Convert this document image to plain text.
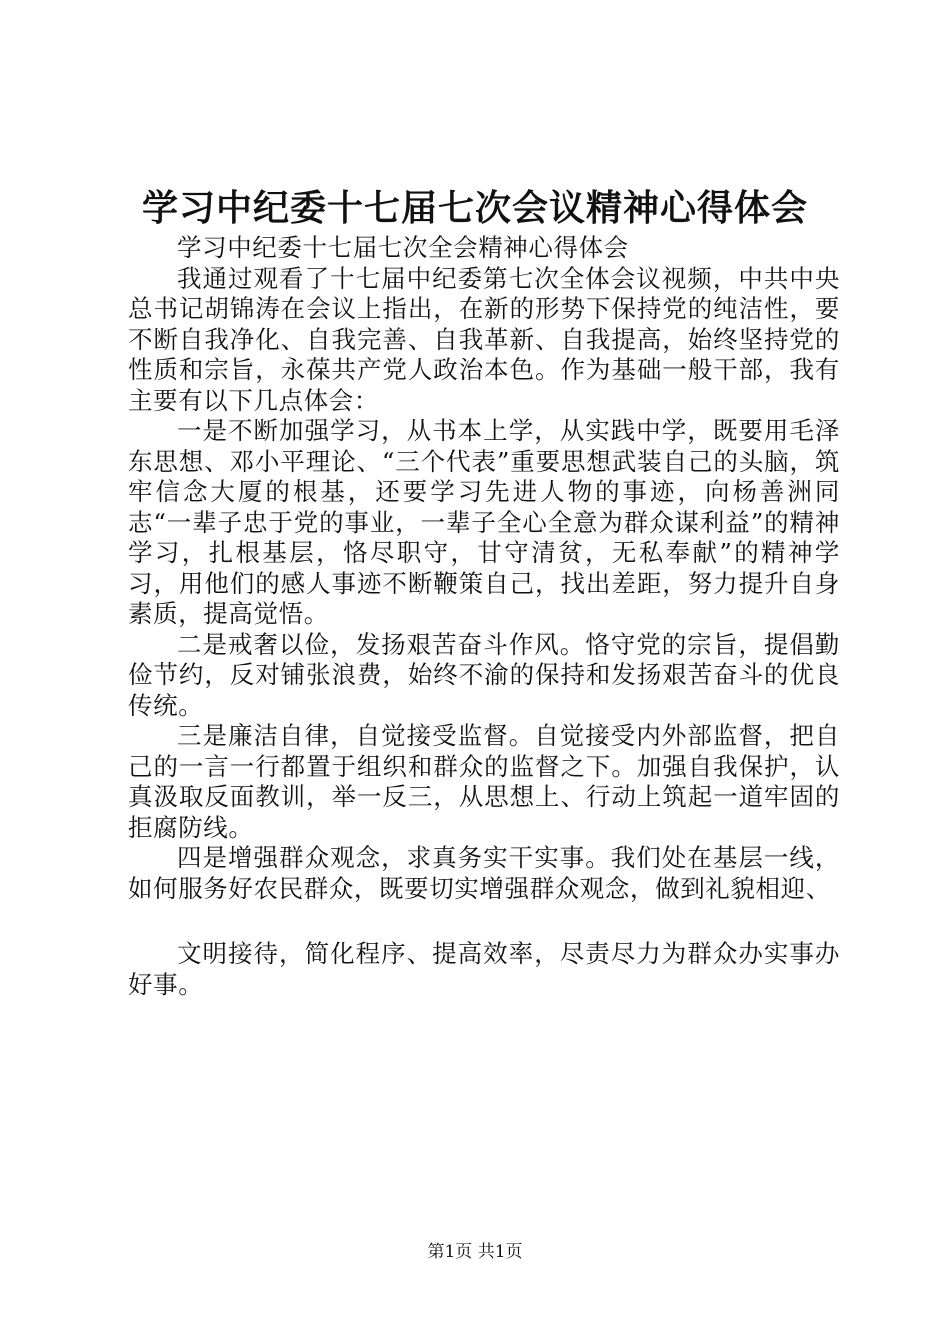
学习中纪委十七届七次会议精神心得体会

学习中纪委十七届七次全会精神心得体会

我通过观看了十七届中纪委第七次全体会议视频，中共中央总书记胡锦涛在会议上指出，在新的形势下保持党的纯洁性，要不断自我净化、自我完善、自我革新、自我提高，始终坚持党的性质和宗旨，永葆共产党人政治本色。作为基础一般干部，我有主要有以下几点体会：

一是不断加强学习，从书本上学，从实践中学，既要用毛泽东思想、邓小平理论、“三个代表”重要思想武装自己的头脑，筑牢信念大厦的根基，还要学习先进人物的事迹，向杨善洲同志“一辈子忠于党的事业，一辈子全心全意为群众谋利益”的精神学习，扎根基层，恪尽职守，甘守清贫，无私奉献”的精神学习，用他们的感人事迹不断鞭策自己，找出差距，努力提升自身素质，提高觉悟。

二是戒奢以俭，发扬艰苦奋斗作风。恪守党的宗旨，提倡勤俭节约，反对铺张浪费，始终不渝的保持和发扬艰苦奋斗的优良传统。

三是廉洁自律，自觉接受监督。自觉接受内外部监督，把自己的一言一行都置于组织和群众的监督之下。加强自我保护，认真汲取反面教训，举一反三，从思想上、行动上筑起一道牢固的拒腐防线。

四是增强群众观念，求真务实干实事。我们处在基层一线，如何服务好农民群众，既要切实增强群众观念，做到礼貌相迎、

文明接待，简化程序、提高效率，尽责尽力为群众办实事办好事。

第1页 共1页
